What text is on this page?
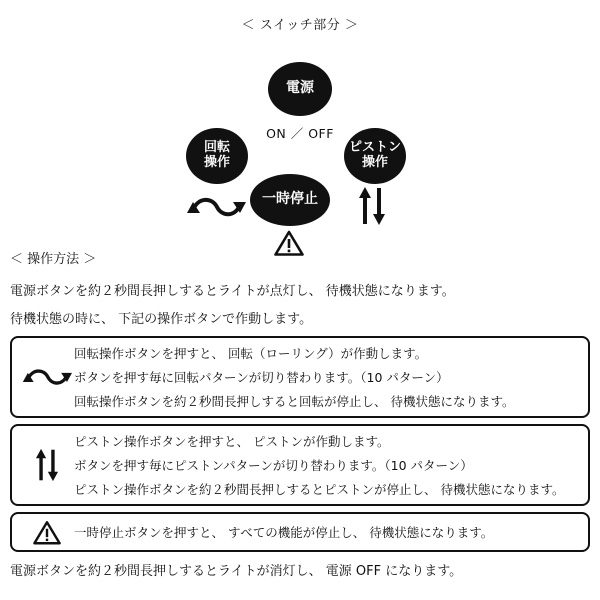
＜ スイッチ部分 ＞
電源
ON ／ OFF
回転
操作
ピストン
操作
一時停止
＜ 操作方法 ＞
電源ボタンを約２秒間長押しするとライトが点灯し、 待機状態になります。
待機状態の時に、 下記の操作ボタンで作動します。
回転操作ボタンを押すと、 回転（ローリング）が作動します。
ボタンを押す毎に回転パターンが切り替わります。（10 パターン）
回転操作ボタンを約２秒間長押しすると回転が停止し、 待機状態になります。
ピストン操作ボタンを押すと、 ピストンが作動します。
ボタンを押す毎にピストンパターンが切り替わります。（10 パターン）
ピストン操作ボタンを約２秒間長押しするとピストンが停止し、 待機状態になります。
一時停止ボタンを押すと、 すべての機能が停止し、 待機状態になります。
電源ボタンを約２秒間長押しするとライトが消灯し、 電源 OFF になります。
